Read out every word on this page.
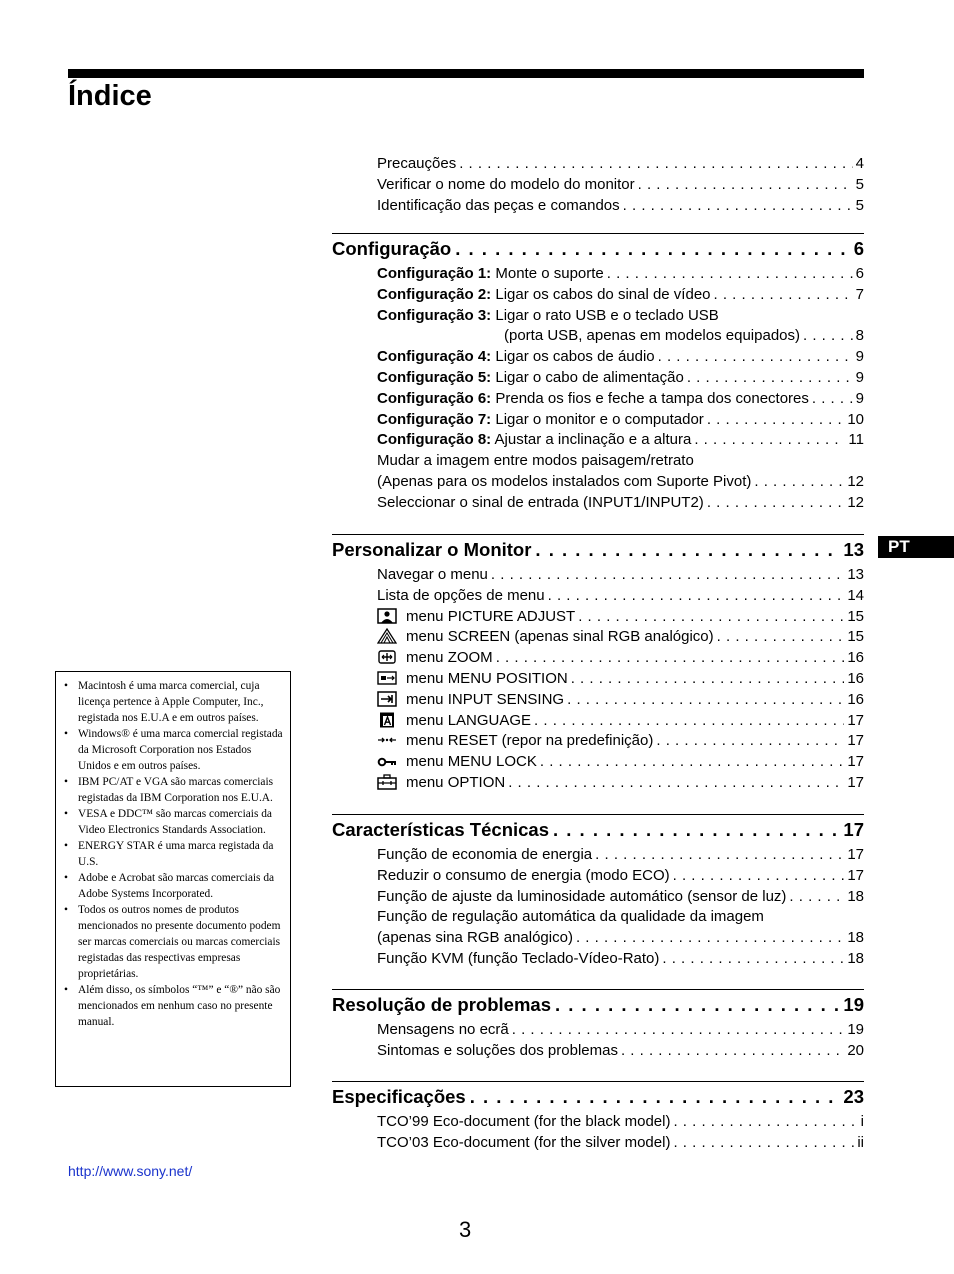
Índice
Precauções . . .	4
Verificar o nome do modelo do monitor . . .	5
Identificação das peças e comandos . . .	5
Configuração . . .	6
Configuração 1: Monte o suporte . . .	6
Configuração 2: Ligar os cabos do sinal de vídeo . . .	7
Configuração 3: Ligar o rato USB e o teclado USB
(porta USB, apenas em modelos equipados) . . .	8
Configuração 4: Ligar os cabos de áudio . . .	9
Configuração 5: Ligar o cabo de alimentação . . .	9
Configuração 6: Prenda os fios e feche a tampa dos conectores . . .	9
Configuração 7: Ligar o monitor e o computador . . .	10
Configuração 8: Ajustar a inclinação e a altura . . .	11
Mudar a imagem entre modos paisagem/retrato
(Apenas para os modelos instalados com Suporte Pivot) . . .	12
Seleccionar o sinal de entrada (INPUT1/INPUT2) . . .	12
Personalizar o Monitor . . .	13
Navegar o menu . . .	13
Lista de opções de menu . . .	14
menu PICTURE ADJUST . . .	15
menu SCREEN (apenas sinal RGB analógico) . . .	15
menu ZOOM . . .	16
menu MENU POSITION . . .	16
menu INPUT SENSING . . .	16
menu LANGUAGE . . .	17
menu RESET (repor na predefinição) . . .	17
menu MENU LOCK . . .	17
menu OPTION . . .	17
Características Técnicas . . .	17
Função de economia de energia . . .	17
Reduzir o consumo de energia (modo ECO) . . .	17
Função de ajuste da luminosidade automático (sensor de luz) . . .	18
Função de regulação automática da qualidade da imagem
(apenas sina RGB analógico) . . .	18
Função KVM (função Teclado-Vídeo-Rato) . . .	18
Resolução de problemas . . .	19
Mensagens no ecrã . . .	19
Sintomas e soluções dos problemas . . .	20
Especificações . . .	23
TCO’99 Eco-document (for the black model) . . .	i
TCO’03 Eco-document (for the silver model) . . .	ii
PT
• Macintosh é uma marca comercial, cuja licença pertence à Apple Computer, Inc., registada nos E.U.A e em outros países.
• Windows® é uma marca comercial registada da Microsoft Corporation nos Estados Unidos e em outros países.
• IBM PC/AT e VGA são marcas comerciais registadas da IBM Corporation nos E.U.A.
• VESA e DDC™ são marcas comerciais da Video Electronics Standards Association.
• ENERGY STAR é uma marca registada da U.S.
• Adobe e Acrobat são marcas comerciais da Adobe Systems Incorporated.
• Todos os outros nomes de produtos mencionados no presente documento podem ser marcas comerciais ou marcas comerciais registadas das respectivas empresas proprietárias.
• Além disso, os símbolos “™” e “®” não são mencionados em nenhum caso no presente manual.
http://www.sony.net/
3
